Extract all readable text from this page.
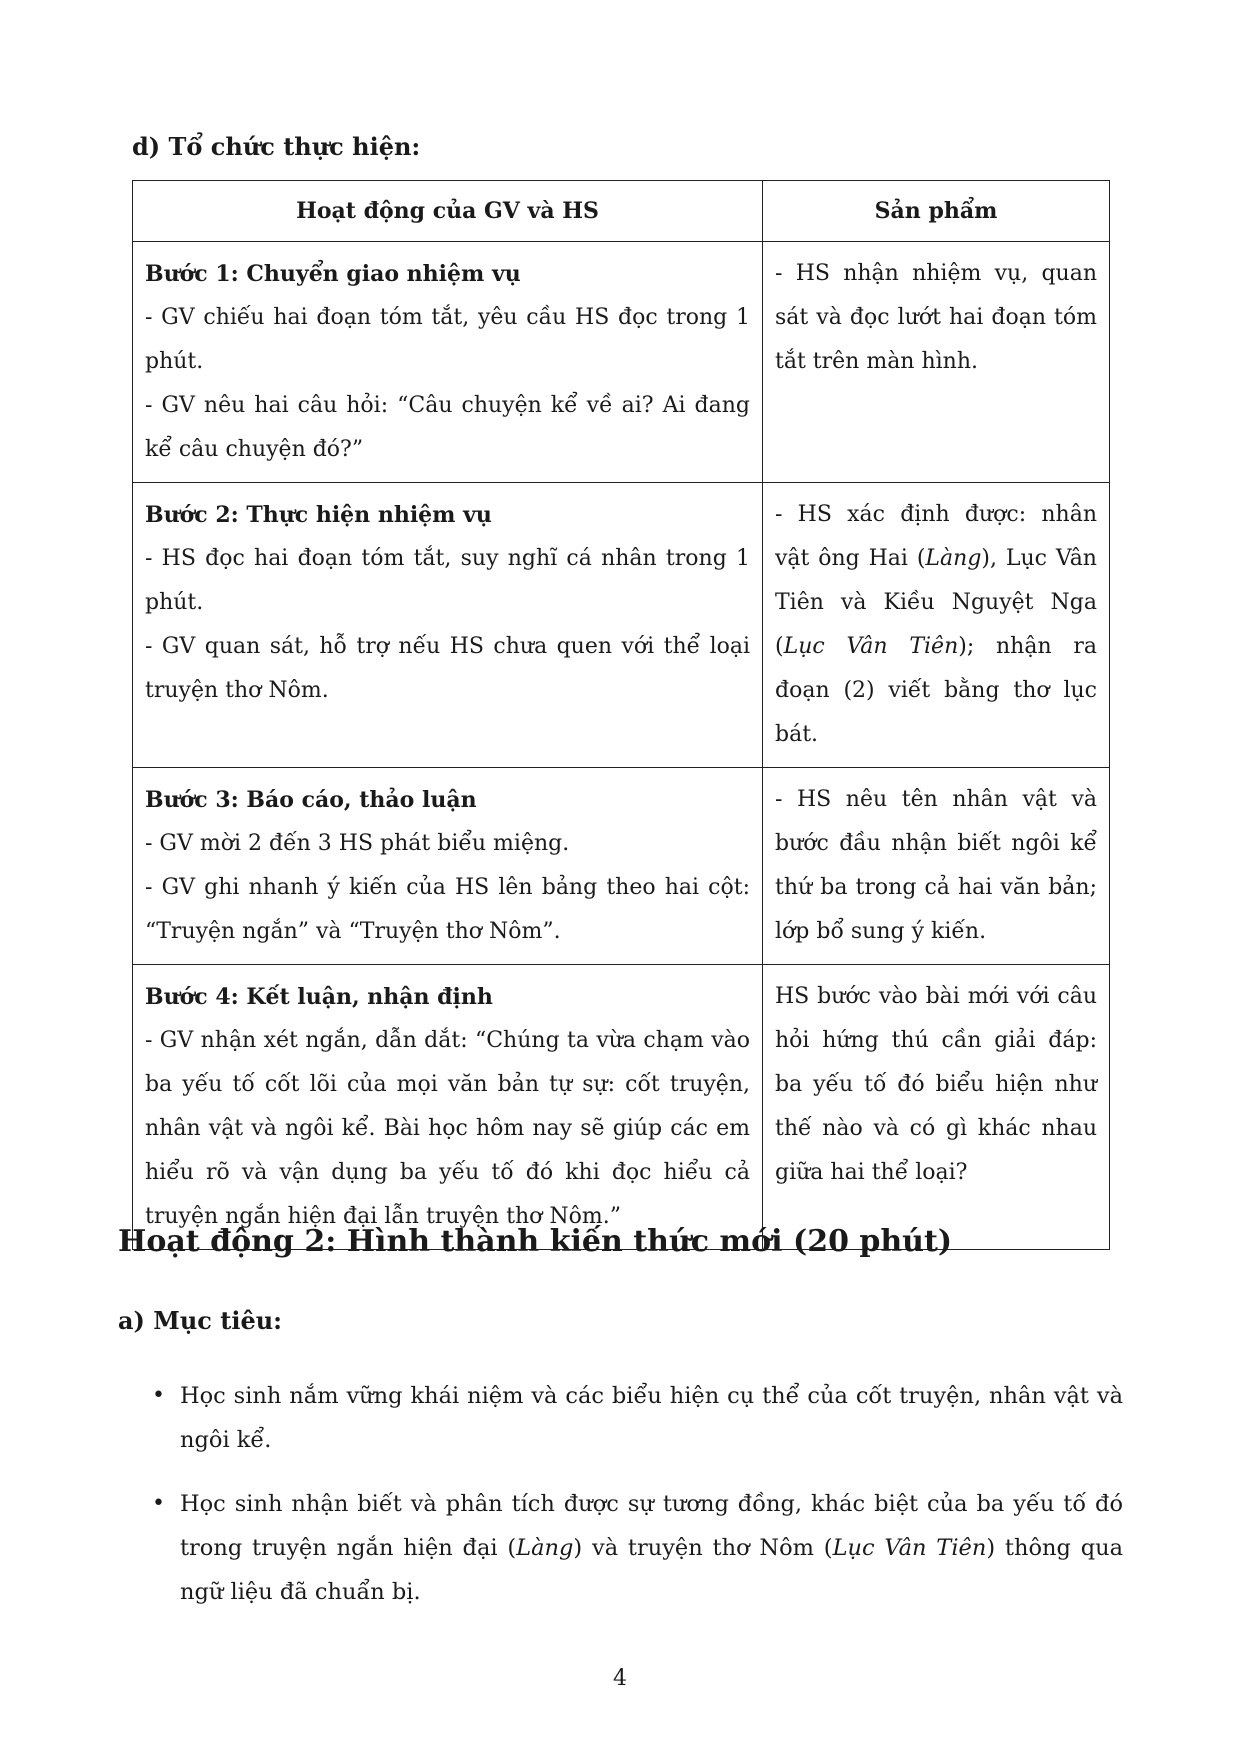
d) Tổ chức thực hiện:

Hoạt động của GV và HS	Sản phẩm

Bước 1: Chuyển giao nhiệm vụ
- GV chiếu hai đoạn tóm tắt, yêu cầu HS đọc trong 1 phút.
- GV nêu hai câu hỏi: “Câu chuyện kể về ai? Ai đang kể câu chuyện đó?”	- HS nhận nhiệm vụ, quan sát và đọc lướt hai đoạn tóm tắt trên màn hình.

Bước 2: Thực hiện nhiệm vụ
- HS đọc hai đoạn tóm tắt, suy nghĩ cá nhân trong 1 phút.
- GV quan sát, hỗ trợ nếu HS chưa quen với thể loại truyện thơ Nôm.	- HS xác định được: nhân vật ông Hai (Làng), Lục Vân Tiên và Kiều Nguyệt Nga (Lục Vân Tiên); nhận ra đoạn (2) viết bằng thơ lục bát.

Bước 3: Báo cáo, thảo luận
- GV mời 2 đến 3 HS phát biểu miệng.
- GV ghi nhanh ý kiến của HS lên bảng theo hai cột: “Truyện ngắn” và “Truyện thơ Nôm”.	- HS nêu tên nhân vật và bước đầu nhận biết ngôi kể thứ ba trong cả hai văn bản; lớp bổ sung ý kiến.

Bước 4: Kết luận, nhận định
- GV nhận xét ngắn, dẫn dắt: “Chúng ta vừa chạm vào ba yếu tố cốt lõi của mọi văn bản tự sự: cốt truyện, nhân vật và ngôi kể. Bài học hôm nay sẽ giúp các em hiểu rõ và vận dụng ba yếu tố đó khi đọc hiểu cả truyện ngắn hiện đại lẫn truyện thơ Nôm.”	HS bước vào bài mới với câu hỏi hứng thú cần giải đáp: ba yếu tố đó biểu hiện như thế nào và có gì khác nhau giữa hai thể loại?
Hoạt động 2: Hình thành kiến thức mới (20 phút)

a) Mục tiêu:

• Học sinh nắm vững khái niệm và các biểu hiện cụ thể của cốt truyện, nhân vật và ngôi kể.
• Học sinh nhận biết và phân tích được sự tương đồng, khác biệt của ba yếu tố đó trong truyện ngắn hiện đại (Làng) và truyện thơ Nôm (Lục Vân Tiên) thông qua ngữ liệu đã chuẩn bị.
4
